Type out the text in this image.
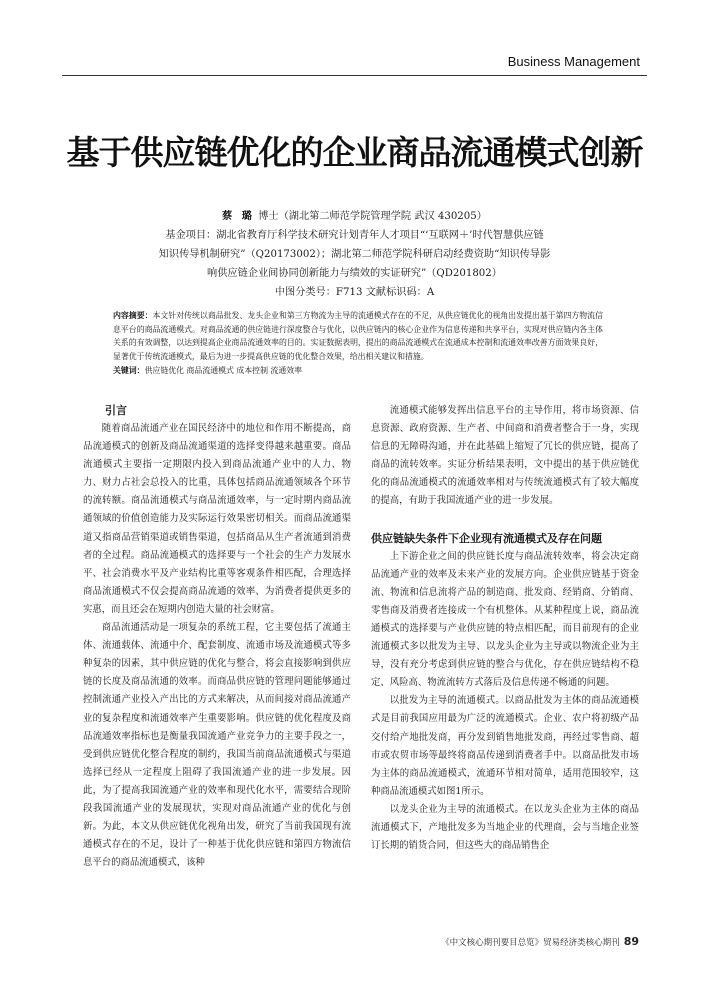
Business Management
基于供应链优化的企业商品流通模式创新

蔡 璐 博士（湖北第二师范学院管理学院 武汉 430205）

基金项目：湖北省教育厅科学技术研究计划青年人才项目“‘互联网＋’时代智慧供应链

知识传导机制研究”（Q20173002）；湖北第二师范学院科研启动经费资助“知识传导影

响供应链企业间协同创新能力与绩效的实证研究”（QD201802）

中图分类号：F713 文献标识码：A

内容摘要：本文针对传统以商品批发、龙头企业和第三方物流为主导的流通模式存在的不足，从供应链优化的视角出发提出基于第四方物流信息平台的商品流通模式。对商品流通的供应链进行深度整合与优化，以供应链内的核心企业作为信息传递和共享平台，实现对供应链内各主体关系的有效调整，以达到提高企业商品流通效率的目的。实证数据表明，提出的商品流通模式在流通成本控制和流通效率改善方面效果良好，显著优于传统流通模式，最后为进一步提高供应链的优化整合效果，给出相关建议和措施。

关键词：供应链优化 商品流通模式 成本控制 流通效率

引言

随着商品流通产业在国民经济中的地位和作用不断提高，商品流通模式的创新及商品流通渠道的选择变得越来越重要。商品流通模式主要指一定期限内投入到商品流通产业中的人力、物力、财力占社会总投入的比重，具体包括商品流通领域各个环节的流转额。商品流通模式与商品流通效率，与一定时期内商品流通领域的价值创造能力及实际运行效果密切相关。而商品流通渠道又指商品营销渠道或销售渠道，包括商品从生产者流通到消费者的全过程。商品流通模式的选择要与一个社会的生产力发展水平、社会消费水平及产业结构比重等客观条件相匹配，合理选择商品流通模式不仅会提高商品流通的效率、为消费者提供更多的实惠，而且还会在短期内创造大量的社会财富。

商品流通活动是一项复杂的系统工程，它主要包括了流通主体、流通载体、流通中介、配套制度、流通市场及流通模式等多种复杂的因素，其中供应链的优化与整合，将会直接影响到供应链的长度及商品流通的效率。而商品供应链的管理问题能够通过控制流通产业投入产出比的方式来解决，从而间接对商品流通产业的复杂程度和流通效率产生重要影响。供应链的优化程度及商品流通效率指标也是衡量我国流通产业竞争力的主要手段之一，受到供应链优化整合程度的制约，我国当前商品流通模式与渠道选择已经从一定程度上阻碍了我国流通产业的进一步发展。因此，为了提高我国流通产业的效率和现代化水平，需要结合现阶段我国流通产业的发展现状，实现对商品流通产业的优化与创新。为此，本文从供应链优化视角出发，研究了当前我国现有流通模式存在的不足，设计了一种基于优化供应链和第四方物流信息平台的商品流通模式，该种

流通模式能够发挥出信息平台的主导作用，将市场资源、信息资源、政府资源、生产者、中间商和消费者整合于一身，实现信息的无障碍沟通，并在此基础上缩短了冗长的供应链，提高了商品的流转效率。实证分析结果表明，文中提出的基于供应链优化的商品流通模式的流通效率相对与传统流通模式有了较大幅度的提高，有助于我国流通产业的进一步发展。

供应链缺失条件下企业现有流通模式及存在问题

上下游企业之间的供应链长度与商品流转效率，将会决定商品流通产业的效率及未来产业的发展方向。企业供应链基于资金流、物流和信息流将产品的制造商、批发商、经销商、分销商、零售商及消费者连接成一个有机整体。从某种程度上说，商品流通模式的选择要与产业供应链的特点相匹配，而目前现有的企业流通模式多以批发为主导、以龙头企业为主导或以物流企业为主导，没有充分考虑到供应链的整合与优化，存在供应链结构不稳定、风险高、物流流转方式落后及信息传递不畅通的问题。

以批发为主导的流通模式。以商品批发为主体的商品流通模式是目前我国应用最为广泛的流通模式。企业、农户将初级产品交付给产地批发商，再分发到销售地批发商，再经过零售商、超市或农贸市场等最终将商品传递到消费者手中。以商品批发市场为主体的商品流通模式，流通环节相对简单，适用范围较窄，这种商品流通模式如图1所示。

以龙头企业为主导的流通模式。在以龙头企业为主体的商品流通模式下，产地批发多为当地企业的代理商，会与当地企业签订长期的销货合同，但这些大的商品销售企

《中文核心期刊要目总览》贸易经济类核心期刊 89
